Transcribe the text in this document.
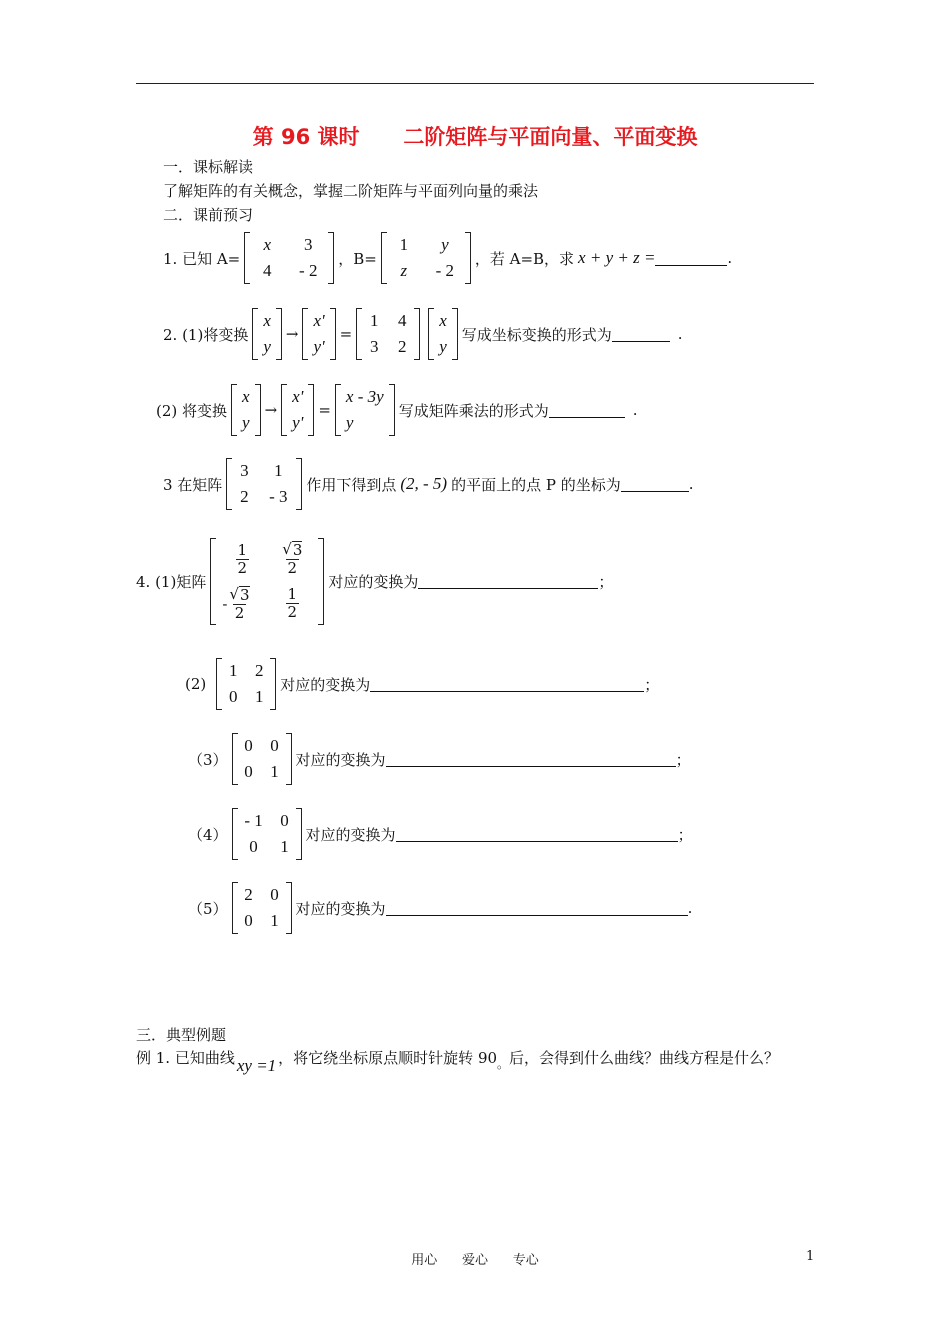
第 96 课时      二阶矩阵与平面向量、平面变换
一．课标解读
了解矩阵的有关概念，掌握二阶矩阵与平面列向量的乘法
二．课前预习
1. 已知 A=
x	3
4	- 2
，B=
1	y
z	- 2
，若 A=B，求 x + y + z =	.
2. (1)将变换
x
y
→
x'
y'
=
1 4
3 2
x
y
写成坐标变换的形式为	.
(2) 将变换
x
y
→
x'
y'
=
x - 3y
y
写成矩阵乘法的形式为	.
3 在矩阵
3	1
2 - 3
作用下得到点 (2, - 5) 的平面上的点 P 的坐标为	.
4. (1)矩阵
$\frac{1}{2} \frac{√ 3}{2}$
- $\frac{√ 3}{2} \frac{1}{2}$
对应的变换为	；
(2)
1 2
0 1
对应的变换为	；
（3）
0 0
0 1
对应的变换为	；
（4）
- 1 0
0	1
对应的变换为	；
（5）
2 0
0 1
对应的变换为	.
三．典型例题
例 1. 已知曲线 xy =1 ，将它绕坐标原点顺时针旋转 90 。 后，会得到什么曲线？曲线方程是什么？
用心      爱心      专心	1
